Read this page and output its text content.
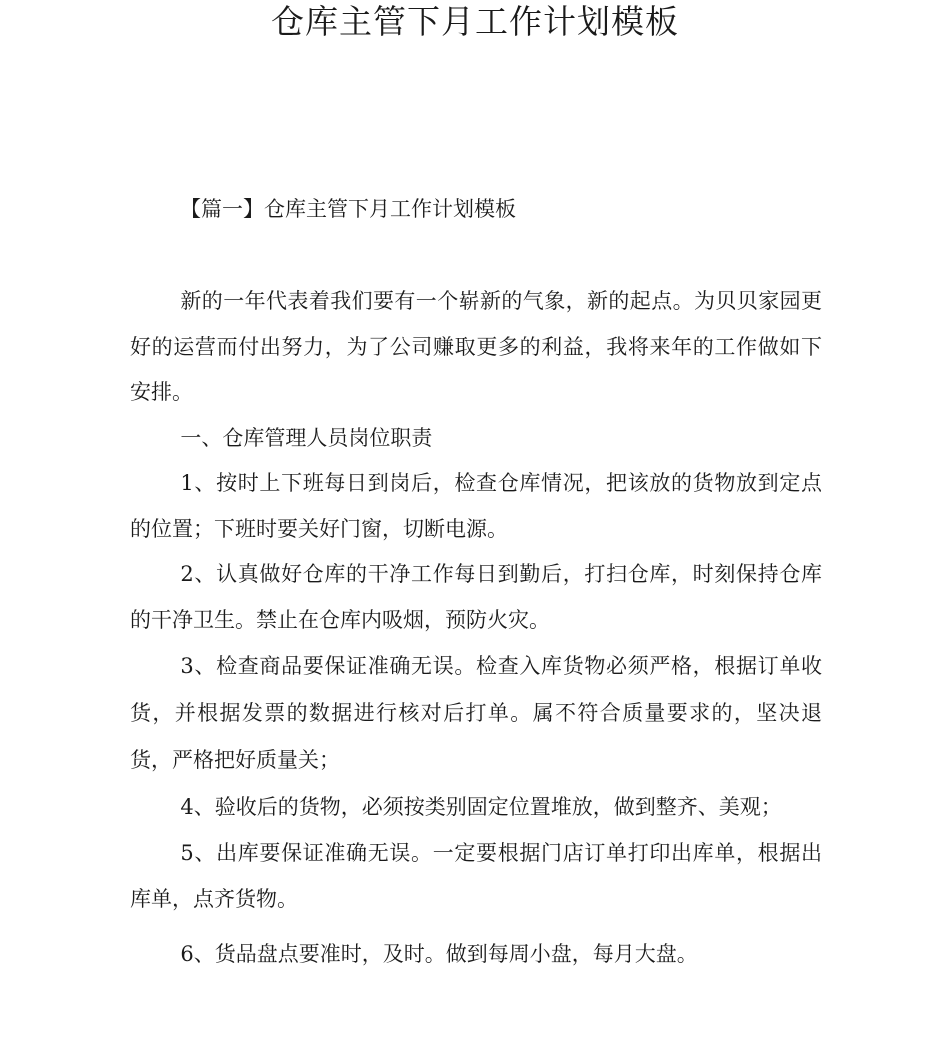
仓库主管下月工作计划模板
【篇一】仓库主管下月工作计划模板

新的一年代表着我们要有一个崭新的气象，新的起点。为贝贝家园更好的运营而付出努力，为了公司赚取更多的利益，我将来年的工作做如下安排。

一、仓库管理人员岗位职责

1、按时上下班每日到岗后，检查仓库情况，把该放的货物放到定点的位置；下班时要关好门窗，切断电源。

2、认真做好仓库的干净工作每日到勤后，打扫仓库，时刻保持仓库的干净卫生。禁止在仓库内吸烟，预防火灾。

3、检查商品要保证准确无误。检查入库货物必须严格，根据订单收货，并根据发票的数据进行核对后打单。属不符合质量要求的，坚决退货，严格把好质量关；

4、验收后的货物，必须按类别固定位置堆放，做到整齐、美观；

5、出库要保证准确无误。一定要根据门店订单打印出库单，根据出库单，点齐货物。

6、货品盘点要准时，及时。做到每周小盘，每月大盘。
